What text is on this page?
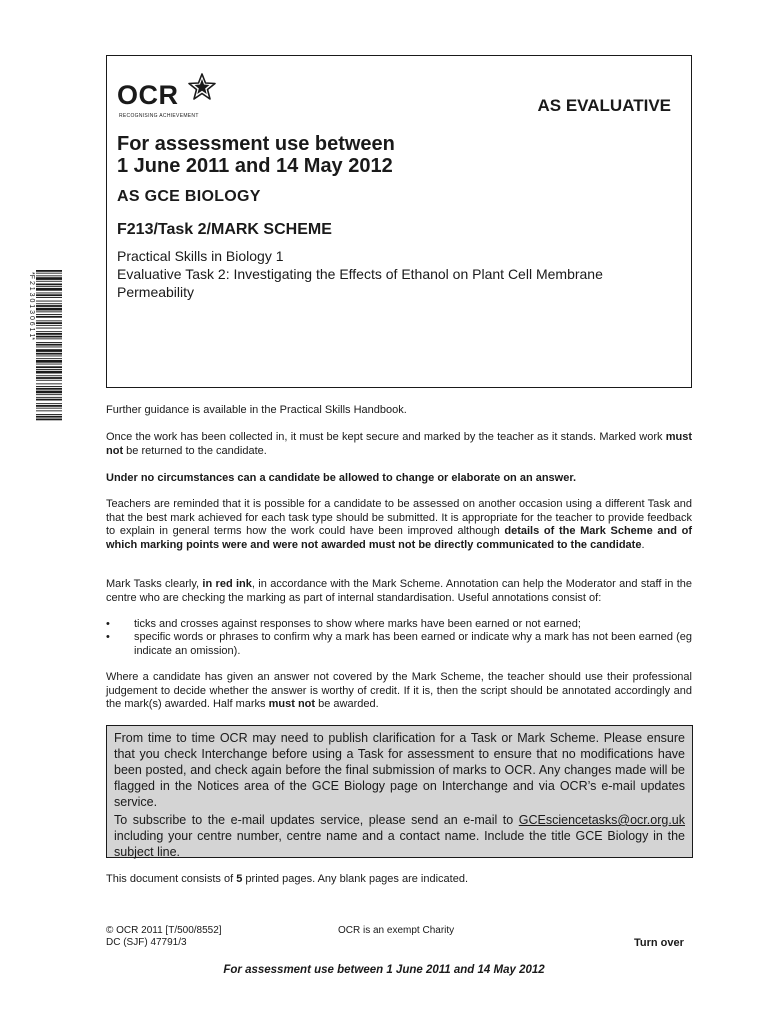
OCR
RECOGNISING ACHIEVEMENT
AS EVALUATIVE
For assessment use between
1 June 2011 and 14 May 2012
AS GCE BIOLOGY
F213/Task 2/MARK SCHEME
Practical Skills in Biology 1
Evaluative Task 2: Investigating the Effects of Ethanol on Plant Cell Membrane
Permeability
*F 2 1 3 0 1 3 0 6 1 1*
Further guidance is available in the Practical Skills Handbook.
Once the work has been collected in, it must be kept secure and marked by the teacher as it stands. Marked work must not be returned to the candidate.
Under no circumstances can a candidate be allowed to change or elaborate on an answer.
Teachers are reminded that it is possible for a candidate to be assessed on another occasion using a different Task and that the best mark achieved for each task type should be submitted. It is appropriate for the teacher to provide feedback to explain in general terms how the work could have been improved although details of the Mark Scheme and of which marking points were and were not awarded must not be directly communicated to the candidate.
Mark Tasks clearly, in red ink, in accordance with the Mark Scheme. Annotation can help the Moderator and staff in the centre who are checking the marking as part of internal standardisation. Useful annotations consist of:
• ticks and crosses against responses to show where marks have been earned or not earned;
• specific words or phrases to confirm why a mark has been earned or indicate why a mark has not been earned (eg indicate an omission).
Where a candidate has given an answer not covered by the Mark Scheme, the teacher should use their professional judgement to decide whether the answer is worthy of credit. If it is, then the script should be annotated accordingly and the mark(s) awarded. Half marks must not be awarded.

From time to time OCR may need to publish clarification for a Task or Mark Scheme. Please ensure that you check Interchange before using a Task for assessment to ensure that no modifications have been posted, and check again before the final submission of marks to OCR. Any changes made will be flagged in the Notices area of the GCE Biology page on Interchange and via OCR’s e-mail updates service.

To subscribe to the e-mail updates service, please send an e-mail to GCEsciencetasks@ocr.org.uk including your centre number, centre name and a contact name. Include the title GCE Biology in the subject line.

This document consists of 5 printed pages. Any blank pages are indicated.
© OCR 2011 [T/500/8552]
DC (SJF) 47791/3
OCR is an exempt Charity
Turn over
For assessment use between 1 June 2011 and 14 May 2012
